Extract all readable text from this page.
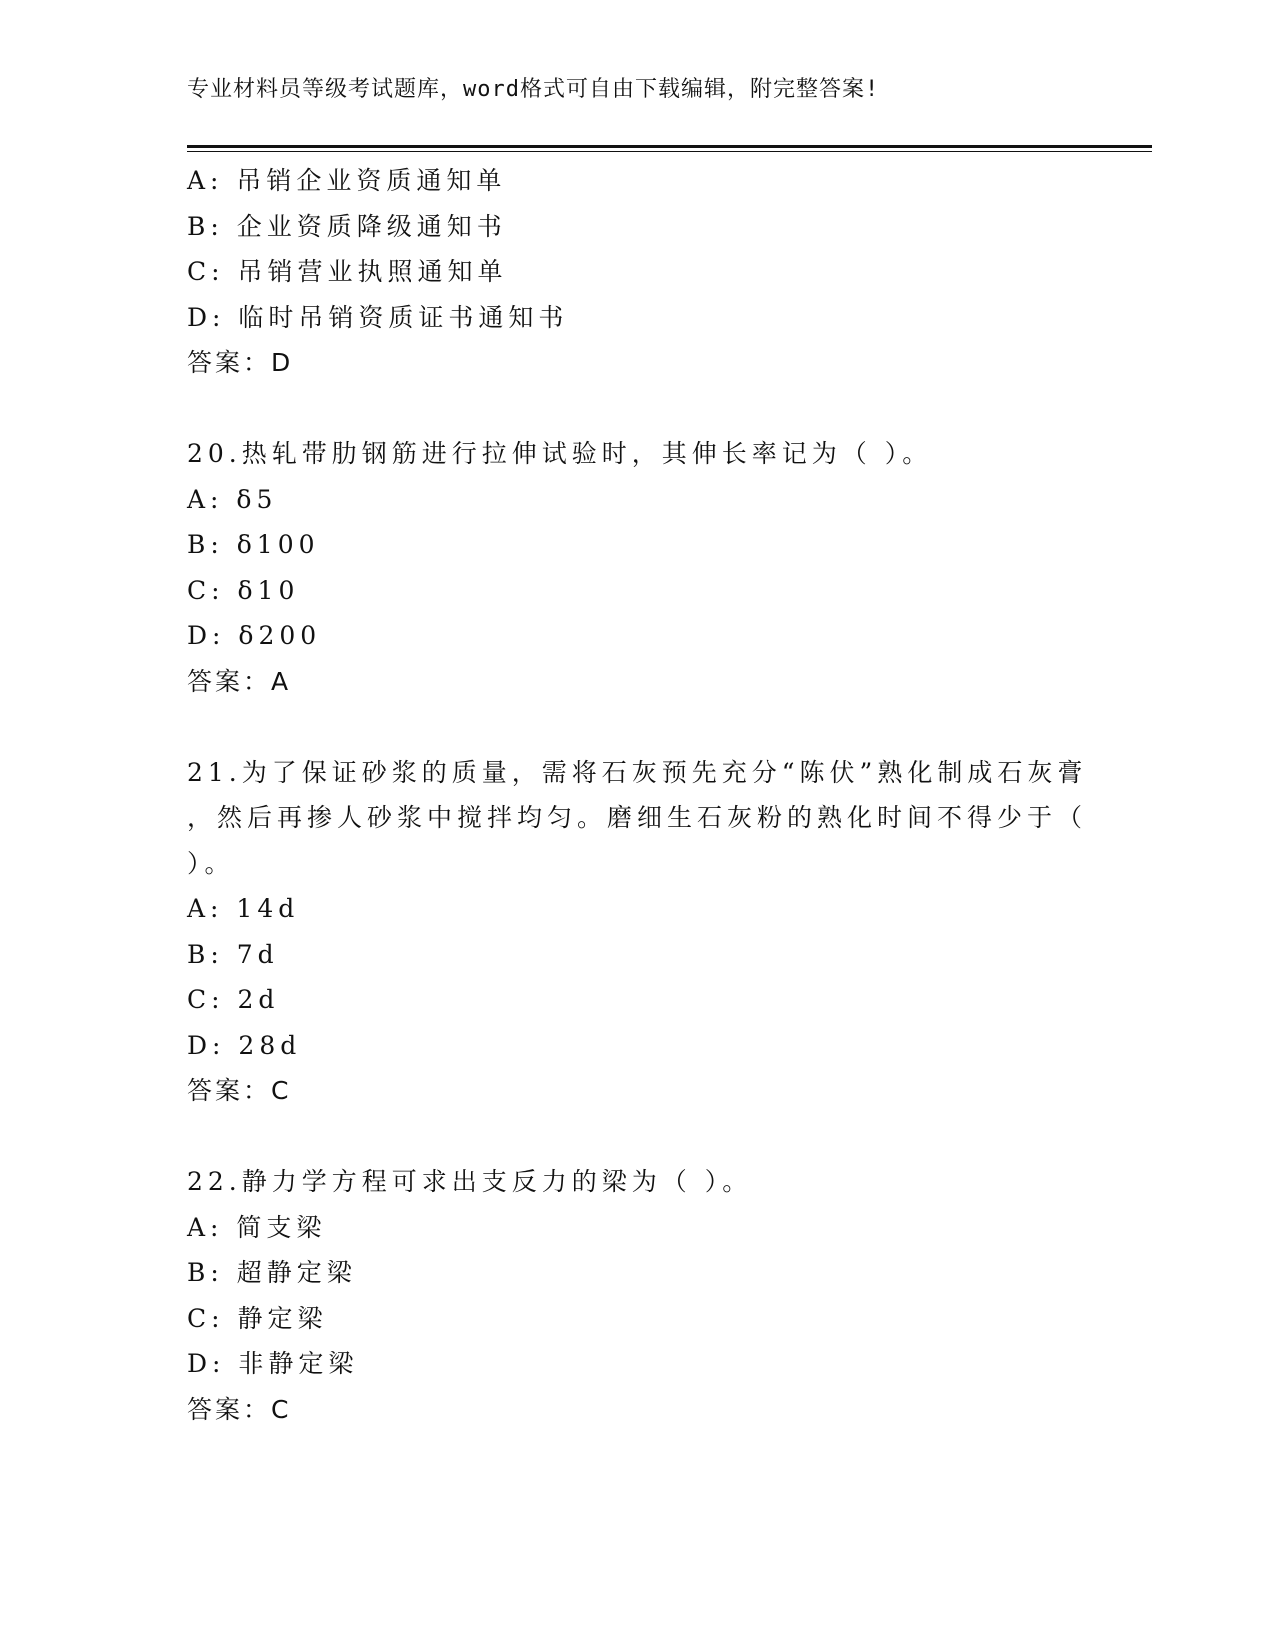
专业材料员等级考试题库，word格式可自由下载编辑，附完整答案!
A: 吊销企业资质通知单
B: 企业资质降级通知书
C: 吊销营业执照通知单
D: 临时吊销资质证书通知书
答案：D
20.热轧带肋钢筋进行拉伸试验时，其伸长率记为（ ）。
A: δ5
B: δ100
C: δ10
D: δ200
答案：A
21.为了保证砂浆的质量，需将石灰预先充分“陈伏”熟化制成石灰膏
，然后再掺人砂浆中搅拌均匀。磨细生石灰粉的熟化时间不得少于（
）。
A: 14d
B: 7d
C: 2d
D: 28d
答案：C
22.静力学方程可求出支反力的梁为（ ）。
A: 简支梁
B: 超静定梁
C: 静定梁
D: 非静定梁
答案：C
